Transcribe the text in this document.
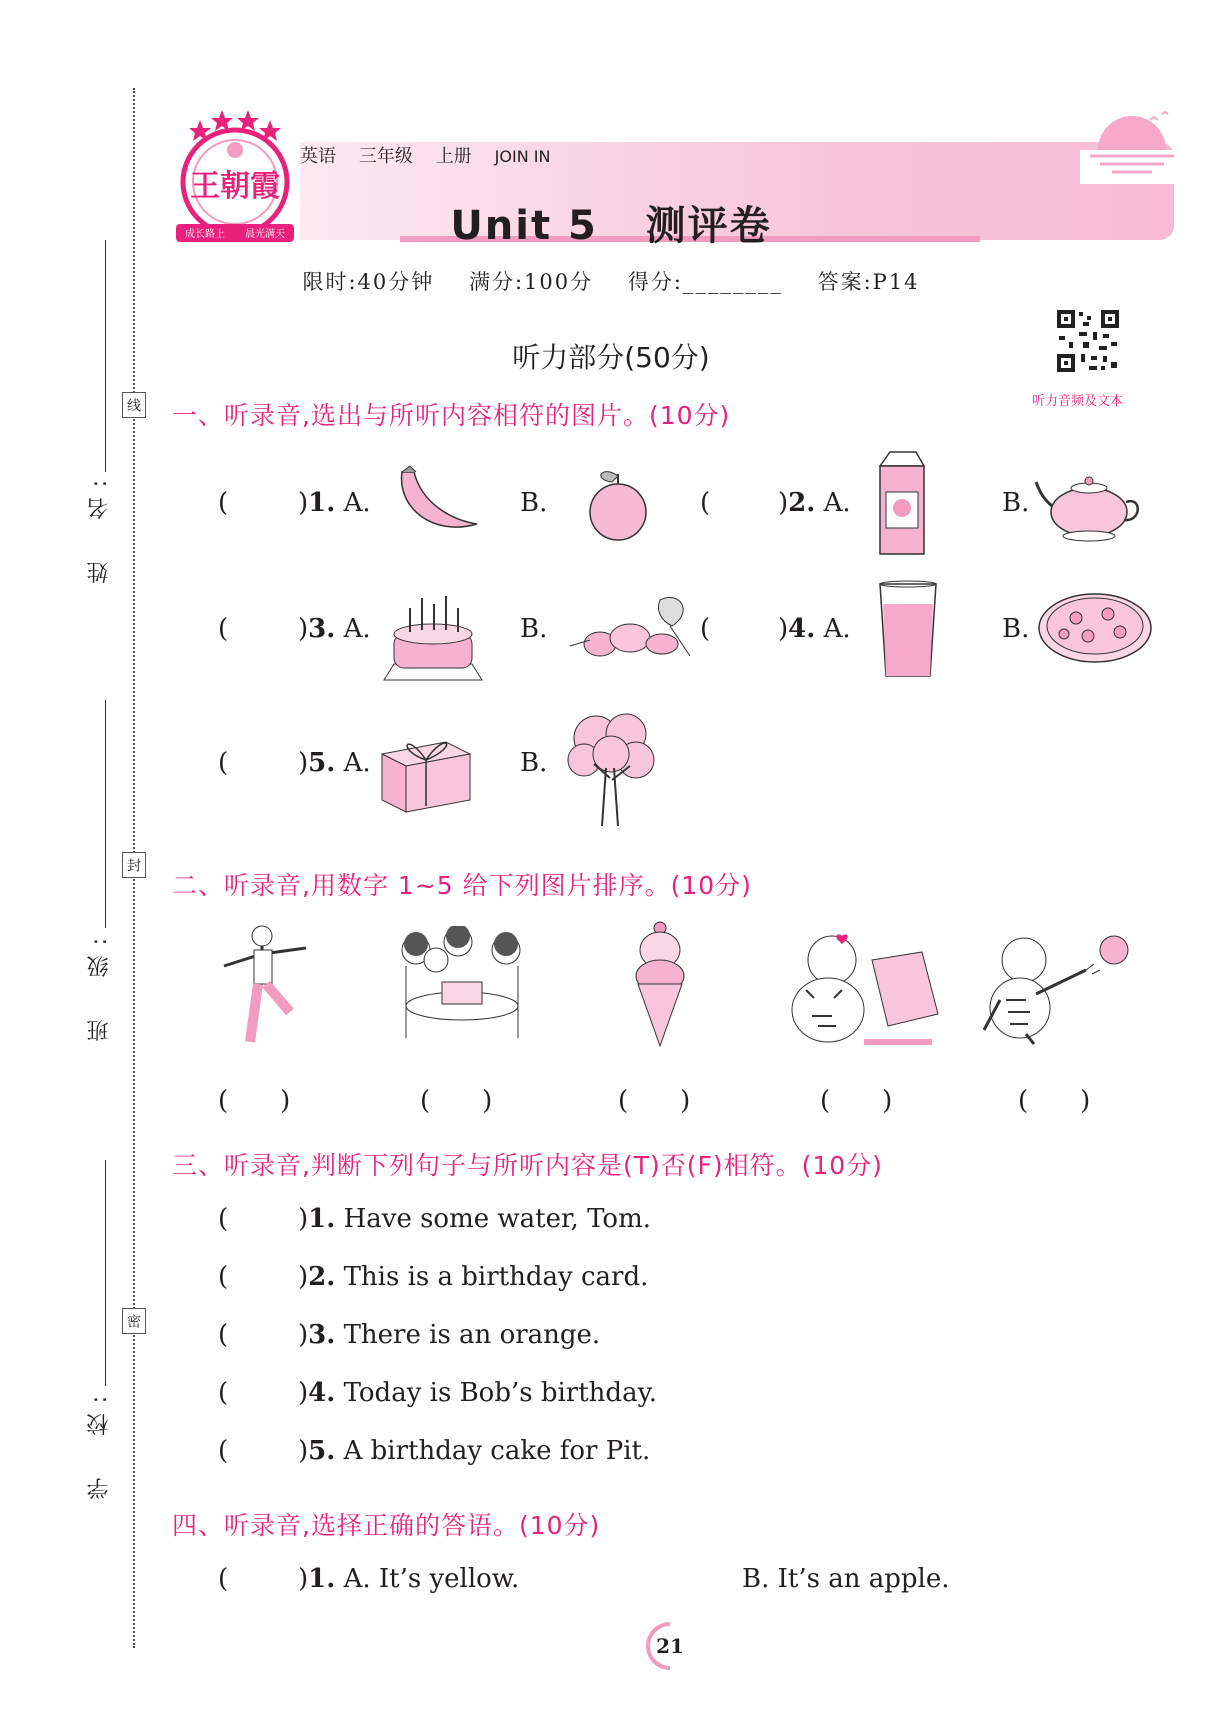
线
封
密
姓　名:
班　级:
学　校:
王朝霞
成长路上 晨光满天
英语 三年级 上册 JOIN IN
Unit 5 测评卷
限时:40分钟 满分:100分 得分:________ 答案:P14
听力音频及文本
听力部分(50分)
一、听录音,选出与所听内容相符的图片。(10分)
(	)1. A.	B.	(	)2. A.	B.
(	)3. A.	B.	(	)4. A.	B.
(	)5. A.	B.
二、听录音,用数字 1~5 给下列图片排序。(10分)
(　　)	(　　)	(　　)	(　　)	(　　)
三、听录音,判断下列句子与所听内容是(T)否(F)相符。(10分)
(	)1. Have some water, Tom.
(	)2. This is a birthday card.
(	)3. There is an orange.
(	)4. Today is Bob’s birthday.
(	)5. A birthday cake for Pit.
四、听录音,选择正确的答语。(10分)
(	)1. A. It’s yellow.	B. It’s an apple.
21
